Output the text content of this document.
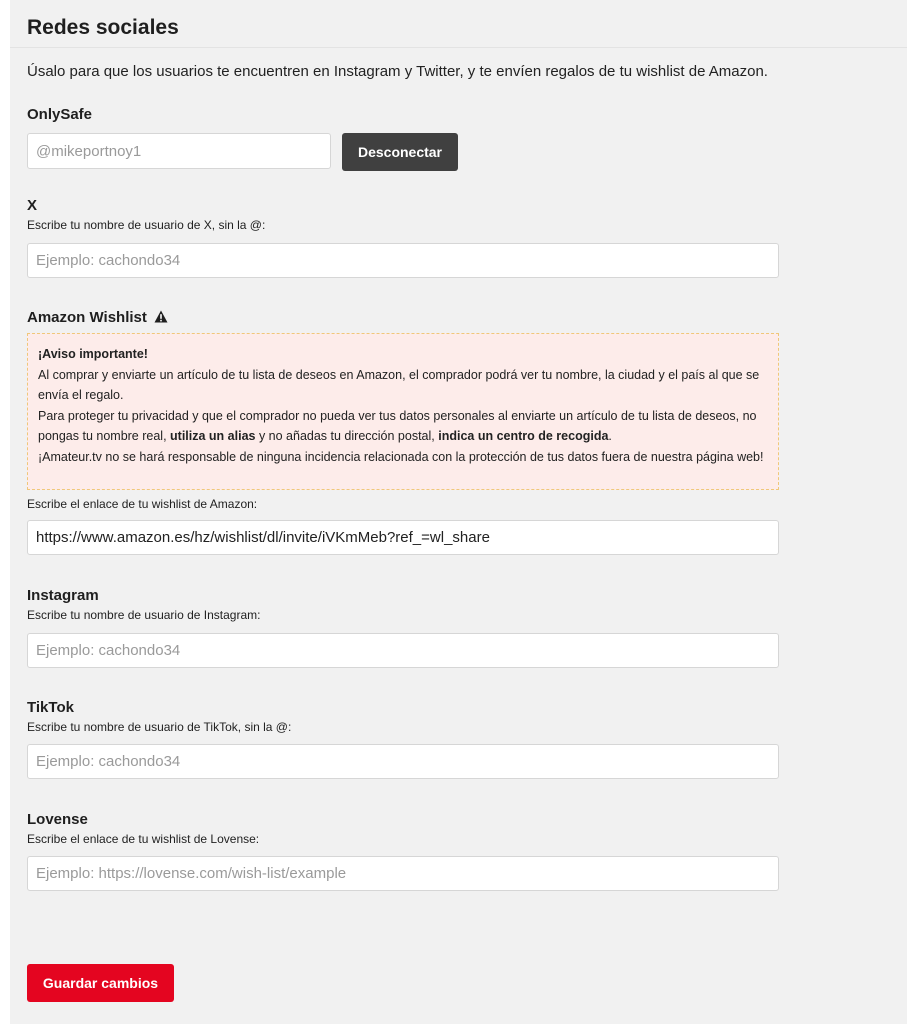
Redes sociales
Úsalo para que los usuarios te encuentren en Instagram y Twitter, y te envíen regalos de tu wishlist de Amazon.
OnlySafe
@mikeportnoy1
Desconectar
X
Escribe tu nombre de usuario de X, sin la @:
Ejemplo: cachondo34
Amazon Wishlist

¡Aviso importante!

Al comprar y enviarte un artículo de tu lista de deseos en Amazon, el comprador podrá ver tu nombre, la ciudad y el país al que se envía el regalo.

Para proteger tu privacidad y que el comprador no pueda ver tus datos personales al enviarte un artículo de tu lista de deseos, no pongas tu nombre real, utiliza un alias y no añadas tu dirección postal, indica un centro de recogida.

¡Amateur.tv no se hará responsable de ninguna incidencia relacionada con la protección de tus datos fuera de nuestra página web!

Escribe el enlace de tu wishlist de Amazon:
https://www.amazon.es/hz/wishlist/dl/invite/iVKmMeb?ref_=wl_share
Instagram
Escribe tu nombre de usuario de Instagram:
Ejemplo: cachondo34
TikTok
Escribe tu nombre de usuario de TikTok, sin la @:
Ejemplo: cachondo34
Lovense
Escribe el enlace de tu wishlist de Lovense:
Ejemplo: https://lovense.com/wish-list/example
Guardar cambios
